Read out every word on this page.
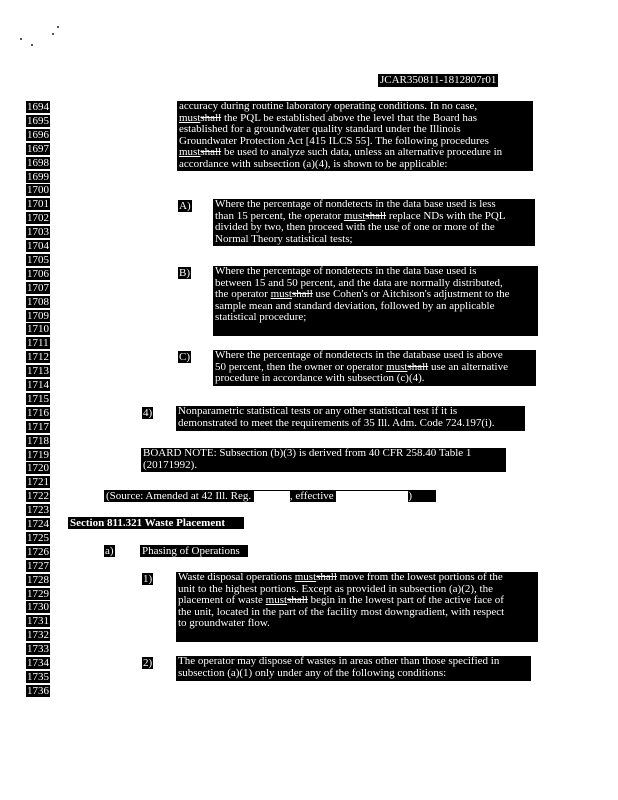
JCAR350811-1812807r01
1694
1695
1696
1697
1698
1699
1700
1701
1702
1703
1704
1705
1706
1707
1708
1709
1710
1711
1712
1713
1714
1715
1716
1717
1718
1719
1720
1721
1722
1723
1724
1725
1726
1727
1728
1729
1730
1731
1732
1733
1734
1735
1736
accuracy during routine laboratory operating conditions. In no case,
mustshall the PQL be established above the level that the Board has
established for a groundwater quality standard under the Illinois
Groundwater Protection Act [415 ILCS 55]. The following procedures
mustshall be used to analyze such data, unless an alternative procedure in
accordance with subsection (a)(4), is shown to be applicable:
A) Where the percentage of nondetects in the data base used is less
than 15 percent, the operator mustshall replace NDs with the PQL
divided by two, then proceed with the use of one or more of the
Normal Theory statistical tests;
B) Where the percentage of nondetects in the data base used is
between 15 and 50 percent, and the data are normally distributed,
the operator mustshall use Cohen's or Aitchison's adjustment to the
sample mean and standard deviation, followed by an applicable
statistical procedure;
C) Where the percentage of nondetects in the database used is above
50 percent, then the owner or operator mustshall use an alternative
procedure in accordance with subsection (c)(4).
4) Nonparametric statistical tests or any other statistical test if it is
demonstrated to meet the requirements of 35 Ill. Adm. Code 724.197(i).
BOARD NOTE: Subsection (b)(3) is derived from 40 CFR 258.40 Table 1
(20171992).
(Source: Amended at 42 Ill. Reg.	, effective	)
Section 811.321 Waste Placement
a)	Phasing of Operations
1) Waste disposal operations mustshall move from the lowest portions of the
unit to the highest portions. Except as provided in subsection (a)(2), the
placement of waste mustshall begin in the lowest part of the active face of
the unit, located in the part of the facility most downgradient, with respect
to groundwater flow.
2) The operator may dispose of wastes in areas other than those specified in
subsection (a)(1) only under any of the following conditions:
